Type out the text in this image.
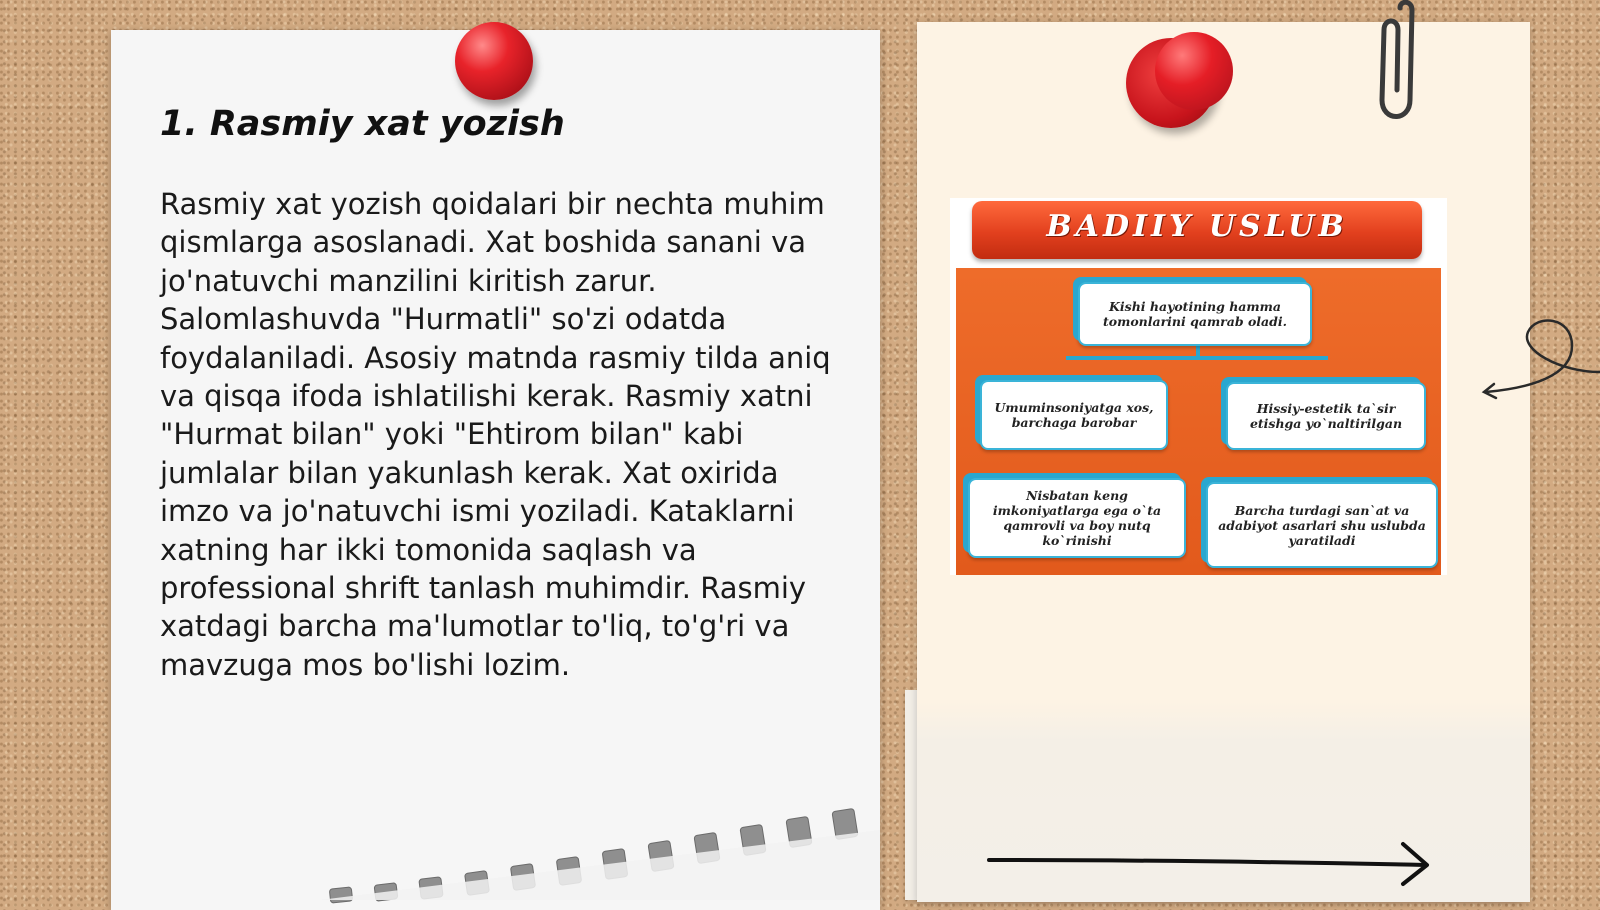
1. Rasmiy xat yozish

Rasmiy xat yozish qoidalari bir nechta muhim qismlarga asoslanadi. Xat boshida sanani va jo'natuvchi manzilini kiritish zarur. Salomlashuvda "Hurmatli" so'zi odatda foydalaniladi. Asosiy matnda rasmiy tilda aniq va qisqa ifoda ishlatilishi kerak. Rasmiy xatni "Hurmat bilan" yoki "Ehtirom bilan" kabi jumlalar bilan yakunlash kerak. Xat oxirida imzo va jo'natuvchi ismi yoziladi. Kataklarni xatning har ikki tomonida saqlash va professional shrift tanlash muhimdir. Rasmiy xatdagi barcha ma'lumotlar to'liq, to'g'ri va mavzuga mos bo'lishi lozim.

BADIIY USLUB
Kishi hayotining hamma tomonlarini qamrab oladi.
Umuminsoniyatga xos, barchaga barobar
Hissiy-estetik ta`sir etishga yo`naltirilgan
Nisbatan keng imkoniyatlarga ega o`ta qamrovli va boy nutq ko`rinishi
Barcha turdagi san`at va adabiyot asarlari shu uslubda yaratiladi
